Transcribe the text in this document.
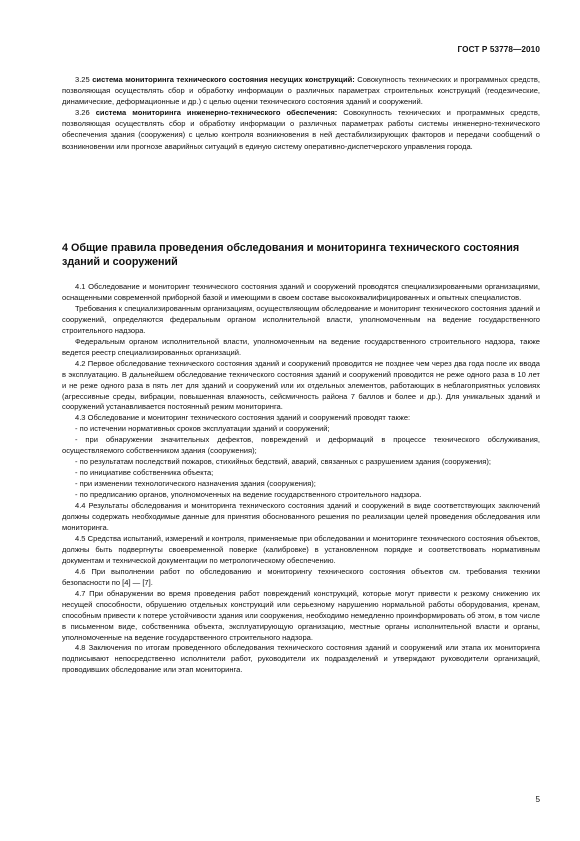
ГОСТ Р 53778—2010

3.25 система мониторинга технического состояния несущих конструкций: Совокупность технических и программных средств, позволяющая осуществлять сбор и обработку информации о различных параметрах строительных конструкций (геодезические, динамические, деформационные и др.) с целью оценки технического состояния зданий и сооружений.

3.26 система мониторинга инженерно-технического обеспечения: Совокупность технических и программных средств, позволяющая осуществлять сбор и обработку информации о различных параметрах работы системы инженерно-технического обеспечения здания (сооружения) с целью контроля возникновения в ней дестабилизирующих факторов и передачи сообщений о возникновении или прогнозе аварийных ситуаций в единую систему оперативно-диспетчерского управления города.

4 Общие правила проведения обследования и мониторинга технического состояния зданий и сооружений

4.1 Обследование и мониторинг технического состояния зданий и сооружений проводятся специализированными организациями, оснащенными современной приборной базой и имеющими в своем составе высококвалифицированных и опытных специалистов.

Требования к специализированным организациям, осуществляющим обследование и мониторинг технического состояния зданий и сооружений, определяются федеральным органом исполнительной власти, уполномоченным на ведение государственного строительного надзора.

Федеральным органом исполнительной власти, уполномоченным на ведение государственного строительного надзора, также ведется реестр специализированных организаций.

4.2 Первое обследование технического состояния зданий и сооружений проводится не позднее чем через два года после их ввода в эксплуатацию. В дальнейшем обследование технического состояния зданий и сооружений проводится не реже одного раза в 10 лет и не реже одного раза в пять лет для зданий и сооружений или их отдельных элементов, работающих в неблагоприятных условиях (агрессивные среды, вибрации, повышенная влажность, сейсмичность района 7 баллов и более и др.). Для уникальных зданий и сооружений устанавливается постоянный режим мониторинга.

4.3 Обследование и мониторинг технического состояния зданий и сооружений проводят также:

- по истечении нормативных сроков эксплуатации зданий и сооружений;

- при обнаружении значительных дефектов, повреждений и деформаций в процессе технического обслуживания, осуществляемого собственником здания (сооружения);

- по результатам последствий пожаров, стихийных бедствий, аварий, связанных с разрушением здания (сооружения);

- по инициативе собственника объекта;

- при изменении технологического назначения здания (сооружения);

- по предписанию органов, уполномоченных на ведение государственного строительного надзора.

4.4 Результаты обследования и мониторинга технического состояния зданий и сооружений в виде соответствующих заключений должны содержать необходимые данные для принятия обоснованного решения по реализации целей проведения обследования или мониторинга.

4.5 Средства испытаний, измерений и контроля, применяемые при обследовании и мониторинге технического состояния объектов, должны быть подвергнуты своевременной поверке (калибровке) в установленном порядке и соответствовать нормативным документам и технической документации по метрологическому обеспечению.

4.6 При выполнении работ по обследованию и мониторингу технического состояния объектов см. требования техники безопасности по [4] — [7].

4.7 При обнаружении во время проведения работ повреждений конструкций, которые могут привести к резкому снижению их несущей способности, обрушению отдельных конструкций или серьезному нарушению нормальной работы оборудования, кренам, способным привести к потере устойчивости здания или сооружения, необходимо немедленно проинформировать об этом, в том числе в письменном виде, собственника объекта, эксплуатирующую организацию, местные органы исполнительной власти и органы, уполномоченные на ведение государственного строительного надзора.

4.8 Заключения по итогам проведенного обследования технического состояния зданий и сооружений или этапа их мониторинга подписывают непосредственно исполнители работ, руководители их подразделений и утверждают руководители организаций, проводивших обследование или этап мониторинга.

5
